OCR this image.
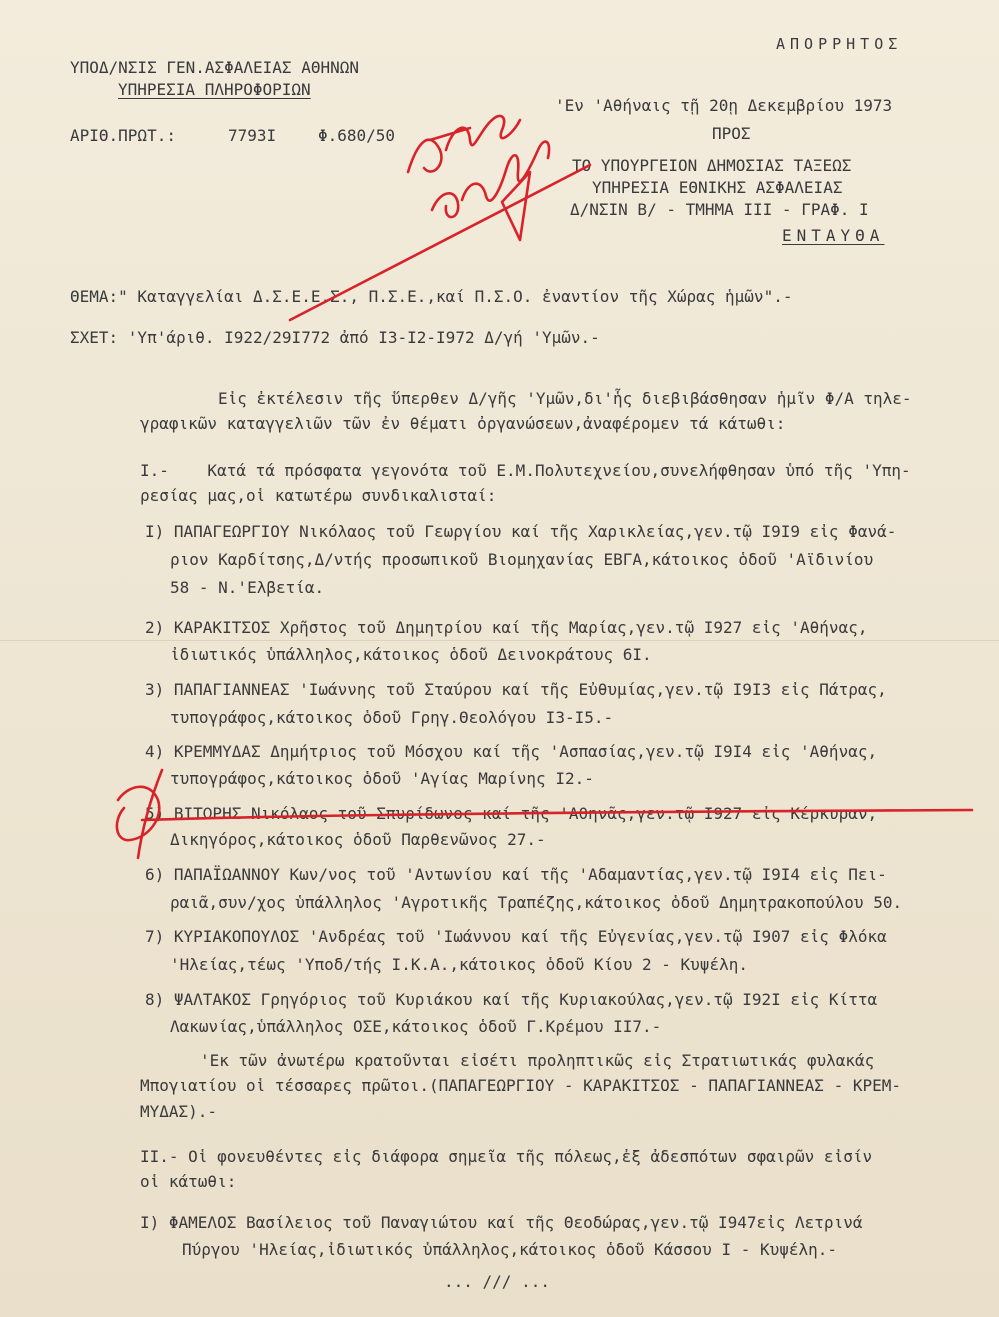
ΑΠΟΡΡΗΤΟΣ
ΥΠΟΔ/ΝΣΙΣ ΓΕΝ.ΑΣΦΑΛΕΙΑΣ ΑΘΗΝΩΝ
ΥΠΗΡΕΣΙΑ ΠΛΗΡΟΦΟΡΙΩΝ
ΑΡΙΘ.ΠΡΩΤ.:	7793Ι	Φ.680/50
'Εν 'Αθήναις τῇ 20ῃ Δεκεμβρίου 1973
ΠΡΟΣ
ΤΟ ΥΠΟΥΡΓΕΙΟΝ ΔΗΜΟΣΙΑΣ ΤΑΞΕΩΣ
ΥΠΗΡΕΣΙΑ ΕΘΝΙΚΗΣ ΑΣΦΑΛΕΙΑΣ
Δ/ΝΣΙΝ Β/ - ΤΜΗΜΑ ΙΙΙ - ΓΡΑΦ. Ι
ΕΝΤΑΥΘΑ
ΘΕΜΑ:" Καταγγελίαι Δ.Σ.Ε.Ε.Σ., Π.Σ.Ε.,καί Π.Σ.Ο. ἐναντίον τῆς Χώρας ἡμῶν".-
ΣΧΕΤ: 'Υπ'άριθ. Ι922/29Ι772 ἀπό Ι3-Ι2-Ι972 Δ/γή 'Υμῶν.-
Εἰς ἐκτέλεσιν τῆς ὕπερθεν Δ/γῆς 'Υμῶν,δι'ἧς διεβιβάσθησαν ἡμῖν Φ/Α τηλε-
γραφικῶν καταγγελιῶν τῶν ἐν θέματι ὀργανώσεων,ἀναφέρομεν τά κάτωθι:
Ι.-    Κατά τά πρόσφατα γεγονότα τοῦ Ε.Μ.Πολυτεχνείου,συνελήφθησαν ὑπό τῆς 'Υπη-
ρεσίας μας,οἱ κατωτέρω συνδικαλισταί:
Ι) ΠΑΠΑΓΕΩΡΓΙΟΥ Νικόλαος τοῦ Γεωργίου καί τῆς Χαρικλείας,γεν.τῷ Ι9Ι9 εἰς Φανά-
ριον Καρδίτσης,Δ/ντής προσωπικοῦ Βιομηχανίας ΕΒΓΑ,κάτοικος ὁδοῦ 'Αϊδινίου
58 - Ν.'Ελβετία.
2) ΚΑΡΑΚΙΤΣΟΣ Χρῆστος τοῦ Δημητρίου καί τῆς Μαρίας,γεν.τῷ Ι927 εἰς 'Αθήνας,
ἰδιωτικός ὑπάλληλος,κάτοικος ὁδοῦ Δεινοκράτους 6Ι.
3) ΠΑΠΑΓΙΑΝΝΕΑΣ 'Ιωάννης τοῦ Σταύρου καί τῆς Εὐθυμίας,γεν.τῷ Ι9Ι3 εἰς Πάτρας,
τυπογράφος,κάτοικος ὁδοῦ Γρηγ.Θεολόγου Ι3-Ι5.-
4) ΚΡΕΜΜΥΔΑΣ Δημήτριος τοῦ Μόσχου καί τῆς 'Ασπασίας,γεν.τῷ Ι9Ι4 εἰς 'Αθήνας,
τυπογράφος,κάτοικος ὁδοῦ 'Αγίας Μαρίνης Ι2.-
5) ΒΙΤΩΡΗΣ Νικόλαος τοῦ Σπυρίδωνος καί τῆς 'Αθηνᾶς,γεν.τῷ Ι927 εἰς Κέρκυραν,
Δικηγόρος,κάτοικος ὁδοῦ Παρθενῶνος 27.-
6) ΠΑΠΑΪΩΑΝΝΟΥ Κων/νος τοῦ 'Αντωνίου καί τῆς 'Αδαμαντίας,γεν.τῷ Ι9Ι4 εἰς Πει-
ραιᾶ,συν/χος ὑπάλληλος 'Αγροτικῆς Τραπέζης,κάτοικος ὁδοῦ Δημητρακοπούλου 50.
7) ΚΥΡΙΑΚΟΠΟΥΛΟΣ 'Ανδρέας τοῦ 'Ιωάννου καί τῆς Εὐγενίας,γεν.τῷ Ι907 εἰς Φλόκα
'Ηλείας,τέως 'Υποδ/τής Ι.Κ.Α.,κάτοικος ὁδοῦ Κίου 2 - Κυψέλη.
8) ΨΑΛΤΑΚΟΣ Γρηγόριος τοῦ Κυριάκου καί τῆς Κυριακούλας,γεν.τῷ Ι92Ι εἰς Κίττα
Λακωνίας,ὑπάλληλος ΟΣΕ,κάτοικος ὁδοῦ Γ.Κρέμου ΙΙ7.-
'Εκ τῶν ἀνωτέρω κρατοῦνται εἰσέτι προληπτικῶς εἰς Στρατιωτικάς φυλακάς
Μπογιατίου οἱ τέσσαρες πρῶτοι.(ΠΑΠΑΓΕΩΡΓΙΟΥ - ΚΑΡΑΚΙΤΣΟΣ - ΠΑΠΑΓΙΑΝΝΕΑΣ - ΚΡΕΜ-
ΜΥΔΑΣ).-
ΙΙ.- Οἱ φονευθέντες εἰς διάφορα σημεῖα τῆς πόλεως,ἐξ ἀδεσπότων σφαιρῶν εἰσίν
οἱ κάτωθι:
Ι) ΦΑΜΕΛΟΣ Βασίλειος τοῦ Παναγιώτου καί τῆς Θεοδώρας,γεν.τῷ Ι947εἰς Λετρινά
Πύργου 'Ηλείας,ἰδιωτικός ὑπάλληλος,κάτοικος ὁδοῦ Κάσσου Ι - Κυψέλη.-
... /// ...
